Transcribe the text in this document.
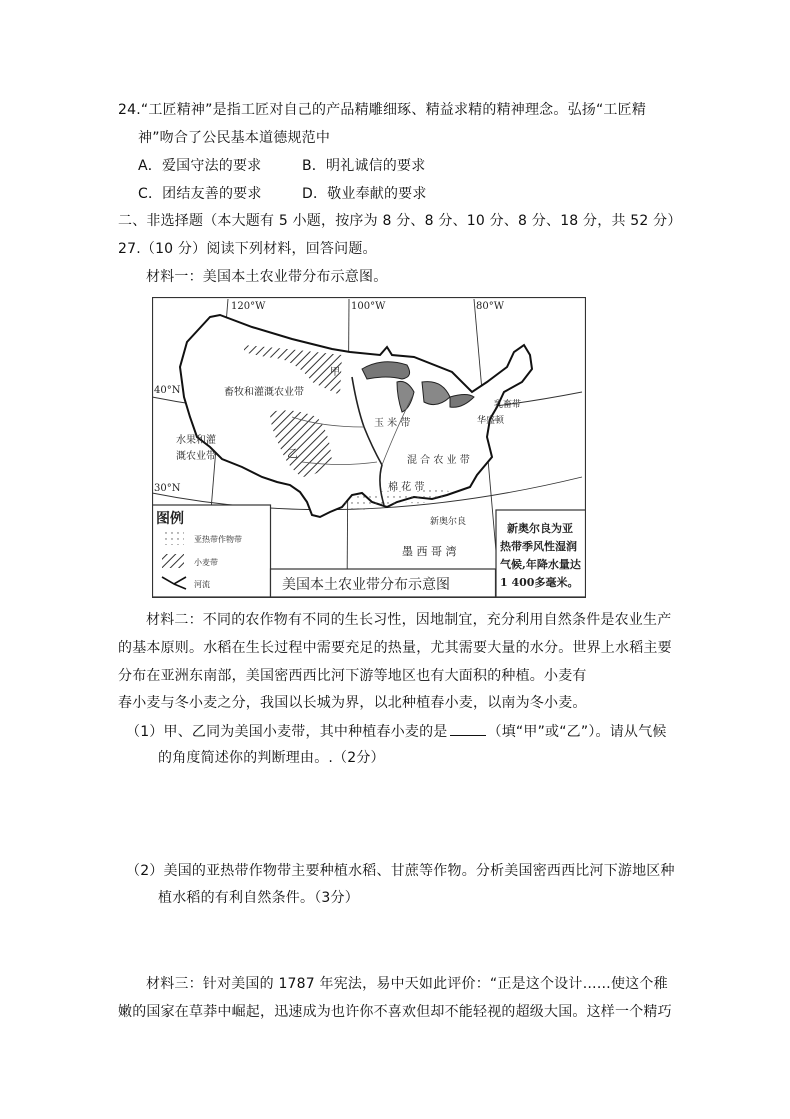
24.“工匠精神”是指工匠对自己的产品精雕细琢、精益求精的精神理念。弘扬“工匠精
神”吻合了公民基本道德规范中
A．爱国守法的要求	B．明礼诚信的要求
C．团结友善的要求	D．敬业奉献的要求
二、非选择题（本大题有 5 小题，按序为 8 分、8 分、10 分、8 分、18 分，共 52 分）
27.（10 分）阅读下列材料，回答问题。
材料一：美国本土农业带分布示意图。
120°W	100°W	80°W
40°N
30°N
畜牧和灌溉农业带
水果和灌
溉农业带
甲
乙
玉 米 带
混 合 农 业 带
棉 花 带
乳畜带
华盛顿
新奥尔良
墨 西 哥 湾
图例
亚热带作物带
小麦带
河流	美国本土农业带分布示意图
新奥尔良为亚
热带季风性湿润
气候,年降水量达
1 400多毫米。
材料二：不同的农作物有不同的生长习性，因地制宜，充分利用自然条件是农业生产
的基本原则。水稻在生长过程中需要充足的热量，尤其需要大量的水分。世界上水稻主要
分布在亚洲东南部，美国密西西比河下游等地区也有大面积的种植。小麦有
春小麦与冬小麦之分，我国以长城为界，以北种植春小麦，以南为冬小麦。
（1）甲、乙同为美国小麦带，其中种植春小麦的是	（填“甲”或“乙”）。请从气候
的角度简述你的判断理由。.（2分）
（2）美国的亚热带作物带主要种植水稻、甘蔗等作物。分析美国密西西比河下游地区种
植水稻的有利自然条件。（3分）
材料三：针对美国的 1787 年宪法，易中天如此评价：“正是这个设计……使这个稚
嫩的国家在草莽中崛起，迅速成为也许你不喜欢但却不能轻视的超级大国。这样一个精巧
